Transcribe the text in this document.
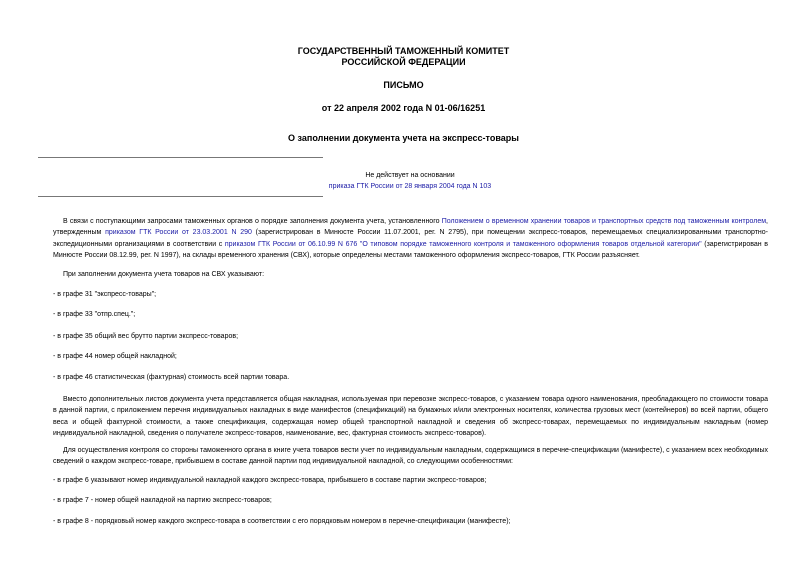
ГОСУДАРСТВЕННЫЙ ТАМОЖЕННЫЙ КОМИТЕТ
РОССИЙСКОЙ ФЕДЕРАЦИИ
ПИСЬМО
от 22 апреля 2002 года N 01-06/16251
О заполнении документа учета на экспресс-товары
Не действует на основании
приказа ГТК России от 28 января 2004 года N 103
В связи с поступающими запросами таможенных органов о порядке заполнения документа учета, установленного Положением о временном хранении товаров и транспортных средств под таможенным контролем, утвержденным приказом ГТК России от 23.03.2001 N 290 (зарегистрирован в Минюсте России 11.07.2001, рег. N 2795), при помещении экспресс-товаров, перемещаемых специализированными транспортно-экспедиционными организациями в соответствии с приказом ГТК России от 06.10.99 N 676 "О типовом порядке таможенного контроля и таможенного оформления товаров отдельной категории" (зарегистрирован в Минюсте России 08.12.99, рег. N 1997), на склады временного хранения (СВХ), которые определены местами таможенного оформления экспресс-товаров, ГТК России разъясняет.
При заполнении документа учета товаров на СВХ указывают:
- в графе 31 "экспресс-товары";
- в графе 33 "отпр.спец.";
- в графе 35 общий вес брутто партии экспресс-товаров;
- в графе 44 номер общей накладной;
- в графе 46 статистическая (фактурная) стоимость всей партии товара.
Вместо дополнительных листов документа учета представляется общая накладная, используемая при перевозке экспресс-товаров, с указанием товара одного наименования, преобладающего по стоимости товара в данной партии, с приложением перечня индивидуальных накладных в виде манифестов (спецификаций) на бумажных и/или электронных носителях, количества грузовых мест (контейнеров) во всей партии, общего веса и общей фактурной стоимости, а также спецификация, содержащая номер общей транспортной накладной и сведения об экспресс-товарах, перемещаемых по индивидуальным накладным (номер индивидуальной накладной, сведения о получателе экспресс-товаров, наименование, вес, фактурная стоимость экспресс-товаров).
Для осуществления контроля со стороны таможенного органа в книге учета товаров вести учет по индивидуальным накладным, содержащимся в перечне-спецификации (манифесте), с указанием всех необходимых сведений о каждом экспресс-товаре, прибывшем в составе данной партии под индивидуальной накладной, со следующими особенностями:
- в графе 6 указывают номер индивидуальной накладной каждого экспресс-товара, прибывшего в составе партии экспресс-товаров;
- в графе 7 - номер общей накладной на партию экспресс-товаров;
- в графе 8 - порядковый номер каждого экспресс-товара в соответствии с его порядковым номером в перечне-спецификации (манифесте);
